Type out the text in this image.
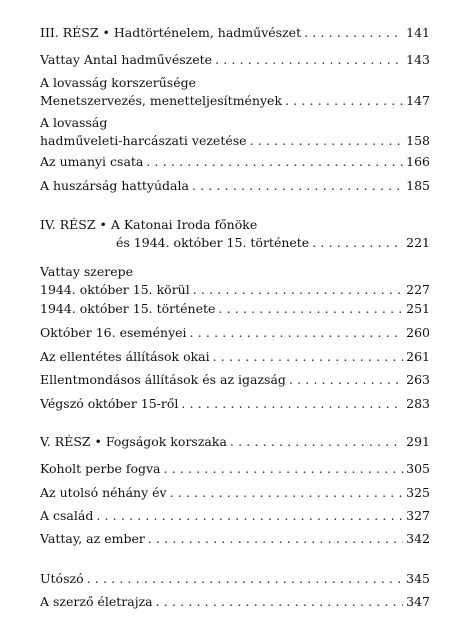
III. RÉSZ • Hadtörténelem, hadművészet .....	141
Vattay Antal hadművészete .....	143
A lovasság korszerűsége
Menetszervezés, menetteljesítmények .....	147
A lovasság
hadműveleti-harcászati vezetése .....	158
Az umanyi csata .....	166
A huszárság hattyúdala .....	185
IV. RÉSZ • A Katonai Iroda főnöke
és 1944. október 15. története .....	221
Vattay szerepe
1944. október 15. körül .....	227
1944. október 15. története .....	251
Október 16. eseményei .....	260
Az ellentétes állítások okai .....	261
Ellentmondásos állítások és az igazság .....	263
Végszó október 15-ről .....	283
V. RÉSZ • Fogságok korszaka .....	291
Koholt perbe fogva .....	305
Az utolsó néhány év .....	325
A család .....	327
Vattay, az ember .....	342
Utószó .....	345
A szerző életrajza .....	347
